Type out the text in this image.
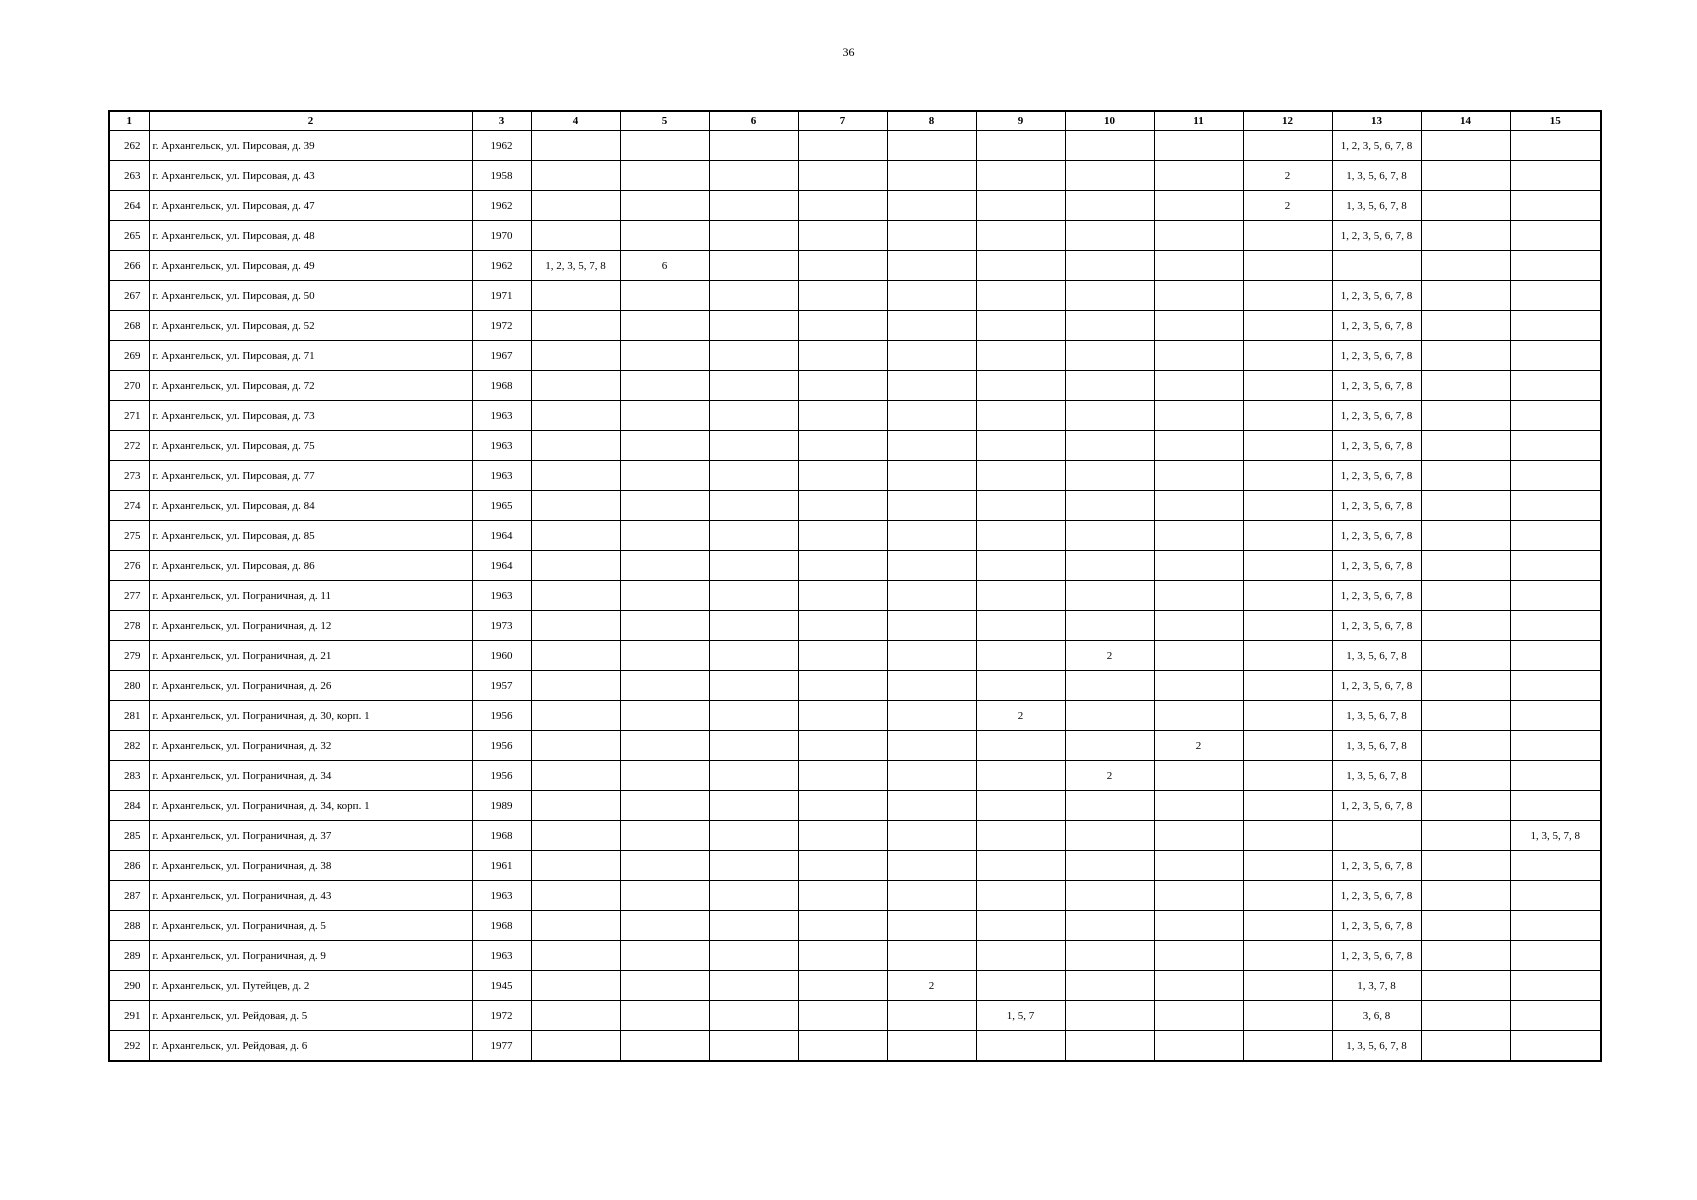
36
1	2	3	4	5	6	7	8	9	10	11	12	13	14	15
262	г. Архангельск, ул. Пирсовая, д. 39	1962										1, 2, 3, 5, 6, 7, 8		
263	г. Архангельск, ул. Пирсовая, д. 43	1958									2	1, 3, 5, 6, 7, 8		
264	г. Архангельск, ул. Пирсовая, д. 47	1962									2	1, 3, 5, 6, 7, 8		
265	г. Архангельск, ул. Пирсовая, д. 48	1970										1, 2, 3, 5, 6, 7, 8		
266	г. Архангельск, ул. Пирсовая, д. 49	1962	1, 2, 3, 5, 7, 8	6										
267	г. Архангельск, ул. Пирсовая, д. 50	1971										1, 2, 3, 5, 6, 7, 8		
268	г. Архангельск, ул. Пирсовая, д. 52	1972										1, 2, 3, 5, 6, 7, 8		
269	г. Архангельск, ул. Пирсовая, д. 71	1967										1, 2, 3, 5, 6, 7, 8		
270	г. Архангельск, ул. Пирсовая, д. 72	1968										1, 2, 3, 5, 6, 7, 8		
271	г. Архангельск, ул. Пирсовая, д. 73	1963										1, 2, 3, 5, 6, 7, 8		
272	г. Архангельск, ул. Пирсовая, д. 75	1963										1, 2, 3, 5, 6, 7, 8		
273	г. Архангельск, ул. Пирсовая, д. 77	1963										1, 2, 3, 5, 6, 7, 8		
274	г. Архангельск, ул. Пирсовая, д. 84	1965										1, 2, 3, 5, 6, 7, 8		
275	г. Архангельск, ул. Пирсовая, д. 85	1964										1, 2, 3, 5, 6, 7, 8		
276	г. Архангельск, ул. Пирсовая, д. 86	1964										1, 2, 3, 5, 6, 7, 8		
277	г. Архангельск, ул. Пограничная, д. 11	1963										1, 2, 3, 5, 6, 7, 8		
278	г. Архангельск, ул. Пограничная, д. 12	1973										1, 2, 3, 5, 6, 7, 8		
279	г. Архангельск, ул. Пограничная, д. 21	1960							2			1, 3, 5, 6, 7, 8		
280	г. Архангельск, ул. Пограничная, д. 26	1957										1, 2, 3, 5, 6, 7, 8		
281	г. Архангельск, ул. Пограничная, д. 30, корп. 1	1956						2				1, 3, 5, 6, 7, 8		
282	г. Архангельск, ул. Пограничная, д. 32	1956								2		1, 3, 5, 6, 7, 8		
283	г. Архангельск, ул. Пограничная, д. 34	1956							2			1, 3, 5, 6, 7, 8		
284	г. Архангельск, ул. Пограничная, д. 34, корп. 1	1989										1, 2, 3, 5, 6, 7, 8		
285	г. Архангельск, ул. Пограничная, д. 37	1968												1, 3, 5, 7, 8
286	г. Архангельск, ул. Пограничная, д. 38	1961										1, 2, 3, 5, 6, 7, 8		
287	г. Архангельск, ул. Пограничная, д. 43	1963										1, 2, 3, 5, 6, 7, 8		
288	г. Архангельск, ул. Пограничная, д. 5	1968										1, 2, 3, 5, 6, 7, 8		
289	г. Архангельск, ул. Пограничная, д. 9	1963										1, 2, 3, 5, 6, 7, 8		
290	г. Архангельск, ул. Путейцев, д. 2	1945					2					1, 3, 7, 8		
291	г. Архангельск, ул. Рейдовая, д. 5	1972						1, 5, 7				3, 6, 8		
292	г. Архангельск, ул. Рейдовая, д. 6	1977										1, 3, 5, 6, 7, 8		
